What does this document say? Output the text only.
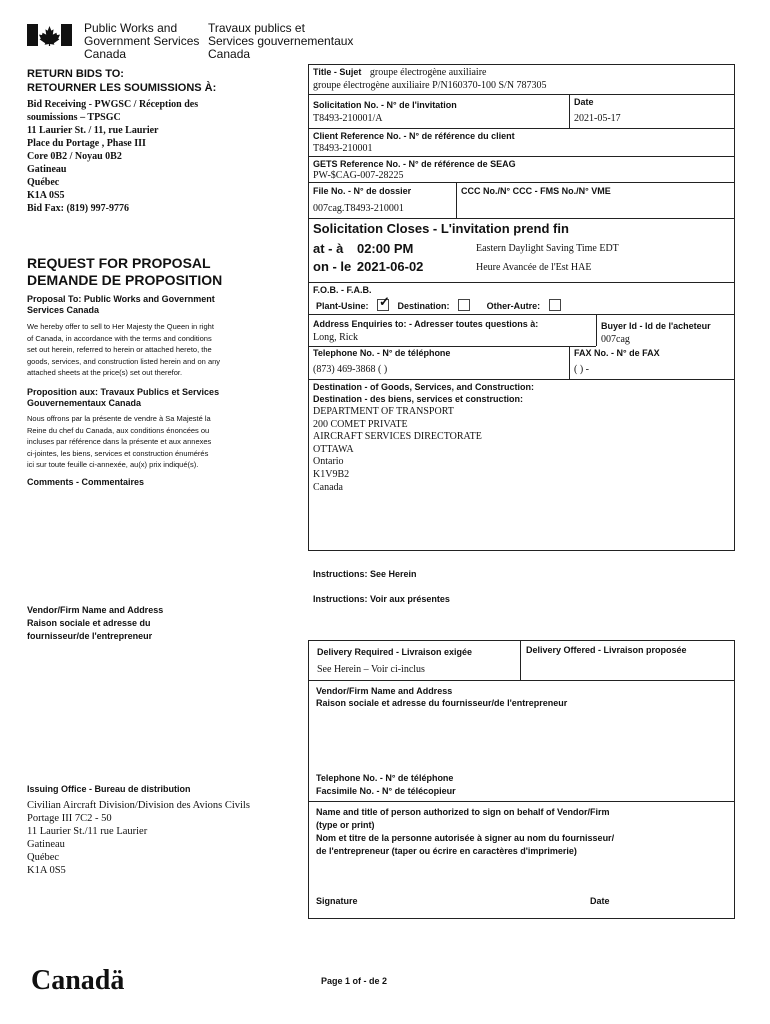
Public Works and
Government Services
Canada
Travaux publics et
Services gouvernementaux
Canada
RETURN BIDS TO:
RETOURNER LES SOUMISSIONS À:
Bid Receiving - PWGSC / Réception des
soumissions – TPSGC
11 Laurier St. / 11, rue Laurier
Place du Portage , Phase III
Core 0B2 / Noyau 0B2
Gatineau
Québec
K1A 0S5
Bid Fax: (819) 997-9776
REQUEST FOR PROPOSAL
DEMANDE DE PROPOSITION
Proposal To: Public Works and Government
Services Canada
We hereby offer to sell to Her Majesty the Queen in right
of Canada, in accordance with the terms and conditions
set out herein, referred to herein or attached hereto, the
goods, services, and construction listed herein and on any
attached sheets at the price(s) set out therefor.
Proposition aux: Travaux Publics et Services
Gouvernementaux Canada
Nous offrons par la présente de vendre à Sa Majesté la
Reine du chef du Canada, aux conditions énoncées ou
incluses par référence dans la présente et aux annexes
ci-jointes, les biens, services et construction énumérés
ici sur toute feuille ci-annexée, au(x) prix indiqué(s).
Comments - Commentaires
Vendor/Firm Name and Address
Raison sociale et adresse du
fournisseur/de l'entrepreneur
Issuing Office - Bureau de distribution
Civilian Aircraft Division/Division des Avions Civils
Portage III 7C2 - 50
11 Laurier St./11 rue Laurier
Gatineau
Québec
K1A 0S5
Canadä	Page 1 of - de 2
Title - Sujet groupe électrogène auxiliaire
groupe électrogène auxiliaire P/N160370-100 S/N 787305
Solicitation No. - N° de l'invitation
T8493-210001/A
Date
2021-05-17
Client Reference No. - N° de référence du client
T8493-210001
GETS Reference No. - N° de référence de SEAG
PW-$CAG-007-28225
File No. - N° de dossier
007cag.T8493-210001
CCC No./N° CCC - FMS No./N° VME
Solicitation Closes - L'invitation prend fin
at - à 02:00 PM
on - le 2021-06-02
Eastern Daylight Saving Time EDT
Heure Avancée de l'Est HAE
F.O.B. - F.A.B.
Plant-Usine: ✓	Destination:	Other-Autre:
Address Enquiries to: - Adresser toutes questions à:
Long, Rick
Buyer Id - Id de l'acheteur
007cag
Telephone No. - N° de téléphone
(873) 469-3868 ( )
FAX No. - N° de FAX
( ) -
Destination - of Goods, Services, and Construction:
Destination - des biens, services et construction:
DEPARTMENT OF TRANSPORT
200 COMET PRIVATE
AIRCRAFT SERVICES DIRECTORATE
OTTAWA
Ontario
K1V9B2
Canada
Instructions: See Herein
Instructions: Voir aux présentes
Delivery Required - Livraison exigée
See Herein – Voir ci-inclus
Delivery Offered - Livraison proposée
Vendor/Firm Name and Address
Raison sociale et adresse du fournisseur/de l'entrepreneur
Telephone No. - N° de téléphone
Facsimile No. - N° de télécopieur
Name and title of person authorized to sign on behalf of Vendor/Firm
(type or print)
Nom et titre de la personne autorisée à signer au nom du fournisseur/
de l'entrepreneur (taper ou écrire en caractères d'imprimerie)
Signature	Date
